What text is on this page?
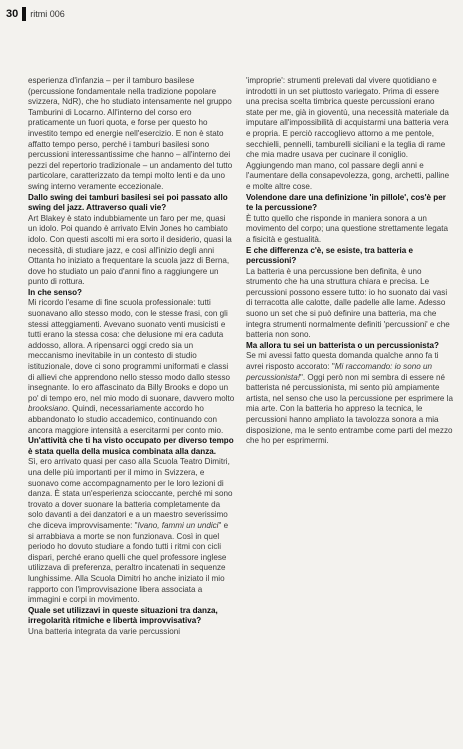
30 ritmi 006

esperienza d'infanzia – per il tamburo basilese (percussione fondamentale nella tradizione popolare svizzera, NdR), che ho studiato intensamente nel gruppo Tamburini di Locarno. All'interno del corso ero praticamente un fuori quota, e forse per questo ho investito tempo ed energie nell'esercizio. E non è stato affatto tempo perso, perché i tamburi basilesi sono percussioni interessantissime che hanno – all'interno dei pezzi del repertorio tradizionale – un andamento del tutto particolare, caratterizzato da tempi molto lenti e da uno swing interno veramente eccezionale.

Dallo swing dei tamburi basilesi sei poi passato allo swing del jazz. Attraverso quali vie?

Art Blakey è stato indubbiamente un faro per me, quasi un idolo. Poi quando è arrivato Elvin Jones ho cambiato idolo. Con questi ascolti mi era sorto il desiderio, quasi la necessità, di studiare jazz, e così all'inizio degli anni Ottanta ho iniziato a frequentare la scuola jazz di Berna, dove ho studiato un paio d'anni fino a raggiungere un punto di rottura.

In che senso?

Mi ricordo l'esame di fine scuola professionale: tutti suonavano allo stesso modo, con le stesse frasi, con gli stessi atteggiamenti. Avevano suonato venti musicisti e tutti erano la stessa cosa: che delusione mi era caduta addosso, allora. A ripensarci oggi credo sia un meccanismo inevitabile in un contesto di studio istituzionale, dove ci sono programmi uniformati e classi di allievi che apprendono nello stesso modo dallo stesso insegnante. Io ero affascinato da Billy Brooks e dopo un po' di tempo ero, nel mio modo di suonare, davvero molto brooksiano. Quindi, necessariamente accordo ho abbandonato lo studio accademico, continuando con ancora maggiore intensità a esercitarmi per conto mio.

Un'attività che ti ha visto occupato per diverso tempo è stata quella della musica combinata alla danza.

Sì, ero arrivato quasi per caso alla Scuola Teatro Dimitri, una delle più importanti per il mimo in Svizzera, e suonavo come accompagnamento per le loro lezioni di danza. È stata un'esperienza scioccante, perché mi sono trovato a dover suonare la batteria completamente da solo davanti a dei danzatori e a un maestro severissimo che diceva improvvisamente: "Ivano, fammi un undici" e si arrabbiava a morte se non funzionava. Così in quel periodo ho dovuto studiare a fondo tutti i ritmi con cicli dispari, perché erano quelli che quel professore inglese utilizzava di preferenza, peraltro incatenati in sequenze lunghissime. Alla Scuola Dimitri ho anche iniziato il mio rapporto con l'improvvisazione libera associata a immagini e corpi in movimento.

Quale set utilizzavi in queste situazioni tra danza, irregolarità ritmiche e libertà improvvisativa?

Una batteria integrata da varie percussioni

'improprie': strumenti prelevati dal vivere quotidiano e introdotti in un set piuttosto variegato. Prima di essere una precisa scelta timbrica queste percussioni erano state per me, già in gioventù, una necessità materiale da imputare all'impossibilità di acquistarmi una batteria vera e propria. E perciò raccoglievo attorno a me pentole, secchielli, pennelli, tamburelli siciliani e la teglia di rame che mia madre usava per cucinare il coniglio. Aggiungendo man mano, col passare degli anni e l'aumentare della consapevolezza, gong, archetti, palline e molte altre cose.

Volendone dare una definizione 'in pillole', cos'è per te la percussione?

È tutto quello che risponde in maniera sonora a un movimento del corpo; una questione strettamente legata a fisicità e gestualità.

E che differenza c'è, se esiste, tra batteria e percussioni?

La batteria è una percussione ben definita, è uno strumento che ha una struttura chiara e precisa. Le percussioni possono essere tutto: io ho suonato dai vasi di terracotta alle calotte, dalle padelle alle lame. Adesso suono un set che si può definire una batteria, ma che integra strumenti normalmente definiti 'percussioni' e che batteria non sono.

Ma allora tu sei un batterista o un percussionista?

Se mi avessi fatto questa domanda qualche anno fa ti avrei risposto accorato: "Mi raccomando: io sono un percussionista!". Oggi però non mi sembra di essere né batterista né percussionista, mi sento più ampiamente artista, nel senso che uso la percussione per esprimere la mia arte. Con la batteria ho appreso la tecnica, le percussioni hanno ampliato la tavolozza sonora a mia disposizione, ma le sento entrambe come parti del mezzo che ho per esprimermi.
